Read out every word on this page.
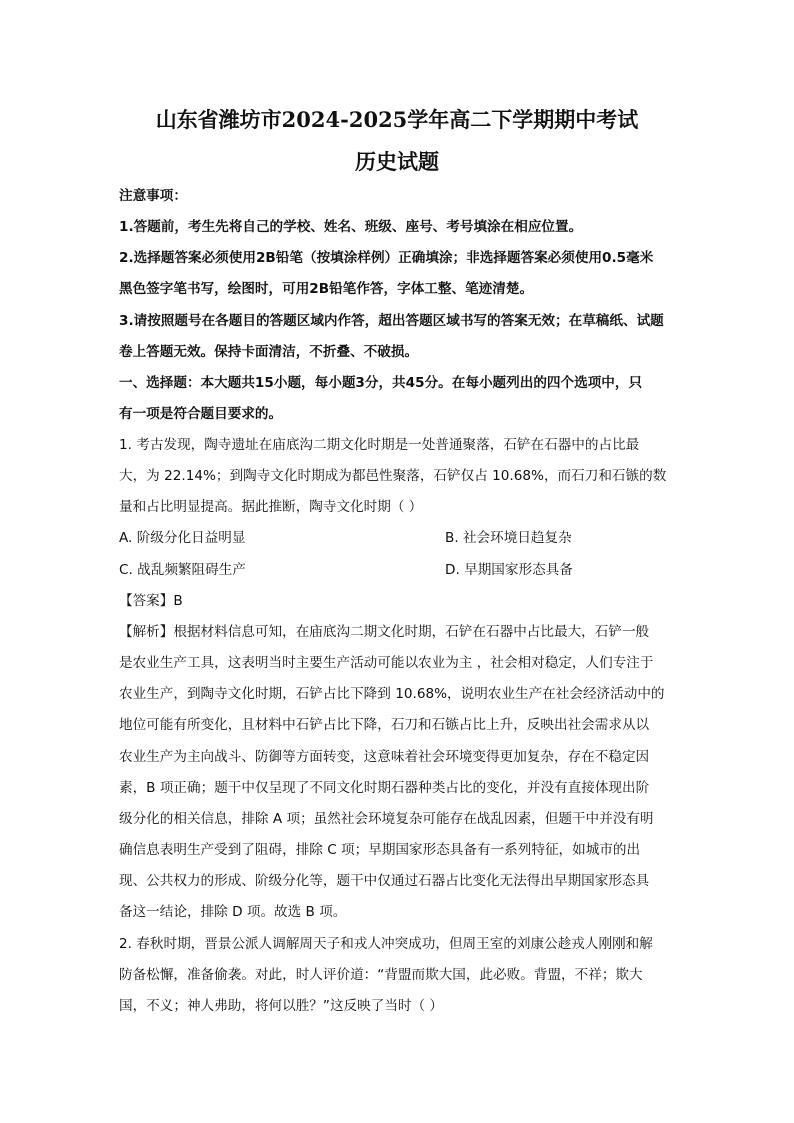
山东省潍坊市2024-2025学年高二下学期期中考试
历史试题
注意事项：
1.答题前，考生先将自己的学校、姓名、班级、座号、考号填涂在相应位置。
2.选择题答案必须使用2B铅笔（按填涂样例）正确填涂；非选择题答案必须使用0.5毫米
黑色签字笔书写，绘图时，可用2B铅笔作答，字体工整、笔迹清楚。
3.请按照题号在各题目的答题区域内作答，超出答题区域书写的答案无效；在草稿纸、试题
卷上答题无效。保持卡面清洁，不折叠、不破损。
一、选择题：本大题共15小题，每小题3分，共45分。在每小题列出的四个选项中，只
有一项是符合题目要求的。
1. 考古发现，陶寺遗址在庙底沟二期文化时期是一处普通聚落，石铲在石器中的占比最
大，为 22.14%；到陶寺文化时期成为都邑性聚落，石铲仅占 10.68%，而石刀和石镞的数
量和占比明显提高。据此推断，陶寺文化时期（ ）
A. 阶级分化日益明显	B. 社会环境日趋复杂
C. 战乱频繁阻碍生产	D. 早期国家形态具备
【答案】B
【解析】根据材料信息可知，在庙底沟二期文化时期，石铲在石器中占比最大，石铲一般
是农业生产工具，这表明当时主要生产活动可能以农业为主 ，社会相对稳定，人们专注于
农业生产，到陶寺文化时期，石铲占比下降到 10.68%，说明农业生产在社会经济活动中的
地位可能有所变化，且材料中石铲占比下降，石刀和石镞占比上升，反映出社会需求从以
农业生产为主向战斗、防御等方面转变，这意味着社会环境变得更加复杂，存在不稳定因
素，B 项正确；题干中仅呈现了不同文化时期石器种类占比的变化，并没有直接体现出阶
级分化的相关信息，排除 A 项；虽然社会环境复杂可能存在战乱因素，但题干中并没有明
确信息表明生产受到了阻碍，排除 C 项；早期国家形态具备有一系列特征，如城市的出
现、公共权力的形成、阶级分化等，题干中仅通过石器占比变化无法得出早期国家形态具
备这一结论，排除 D 项。故选 B 项。
2. 春秋时期，晋景公派人调解周天子和戎人冲突成功，但周王室的刘康公趁戎人刚刚和解
防备松懈，准备偷袭。对此，时人评价道：“背盟而欺大国，此必败。背盟，不祥；欺大
国，不义；神人弗助，将何以胜？”这反映了当时（ ）
